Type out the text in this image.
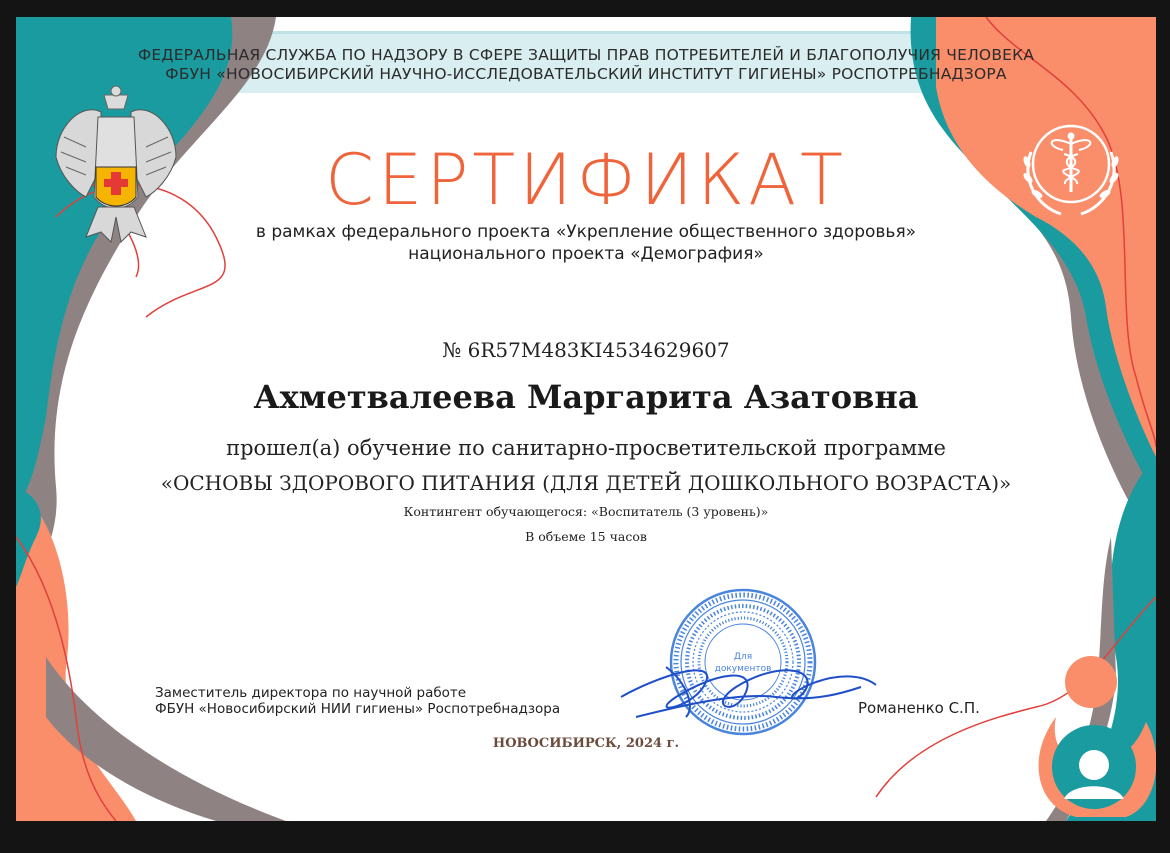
Для
документов
ФЕДЕРАЛЬНАЯ СЛУЖБА ПО НАДЗОРУ В СФЕРЕ ЗАЩИТЫ ПРАВ ПОТРЕБИТЕЛЕЙ И БЛАГОПОЛУЧИЯ ЧЕЛОВЕКА
ФБУН «НОВОСИБИРСКИЙ НАУЧНО-ИССЛЕДОВАТЕЛЬСКИЙ ИНСТИТУТ ГИГИЕНЫ» РОСПОТРЕБНАДЗОРА
СЕРТИФИКАТ
в рамках федерального проекта «Укрепление общественного здоровья»
национального проекта «Демография»
№ 6R57M483KI4534629607
Ахметвалеева Маргарита Азатовна
прошел(а) обучение по санитарно-просветительской программе
«ОСНОВЫ ЗДОРОВОГО ПИТАНИЯ (ДЛЯ ДЕТЕЙ ДОШКОЛЬНОГО ВОЗРАСТА)»
Контингент обучающегося: «Воспитатель (3 уровень)»
В объеме 15 часов
Заместитель директора по научной работе
ФБУН «Новосибирский НИИ гигиены» Роспотребнадзора	Романенко С.П.
НОВОСИБИРСК, 2024 г.
